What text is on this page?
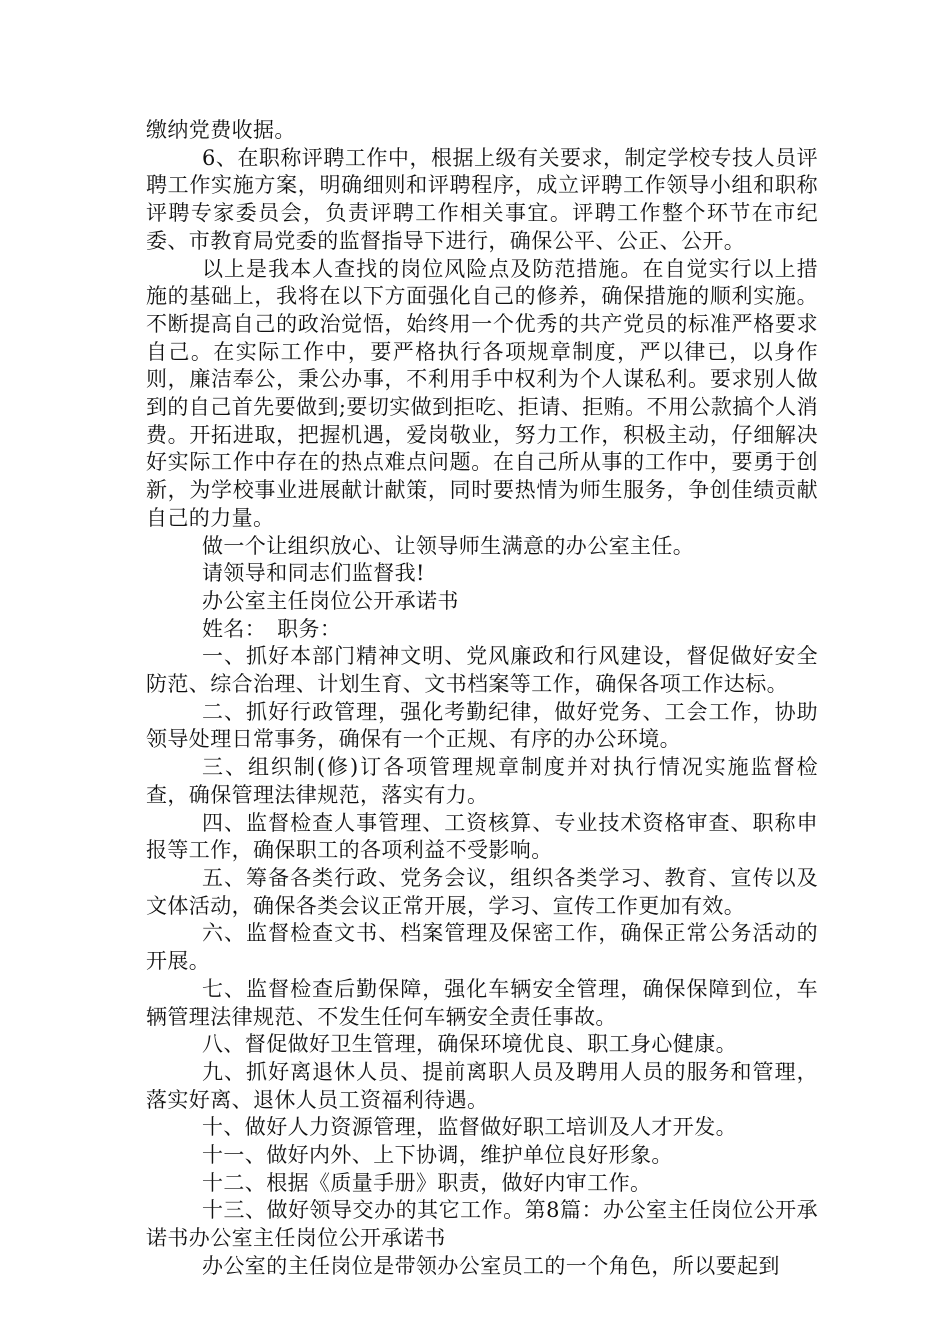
缴纳党费收据。

6、在职称评聘工作中，根据上级有关要求，制定学校专技人员评聘工作实施方案，明确细则和评聘程序，成立评聘工作领导小组和职称评聘专家委员会，负责评聘工作相关事宜。评聘工作整个环节在市纪委、市教育局党委的监督指导下进行，确保公平、公正、公开。

以上是我本人查找的岗位风险点及防范措施。在自觉实行以上措施的基础上，我将在以下方面强化自己的修养，确保措施的顺利实施。不断提高自己的政治觉悟，始终用一个优秀的共产党员的标准严格要求自己。在实际工作中，要严格执行各项规章制度，严以律已，以身作则，廉洁奉公，秉公办事，不利用手中权利为个人谋私利。要求别人做到的自己首先要做到;要切实做到拒吃、拒请、拒贿。不用公款搞个人消费。开拓进取，把握机遇，爱岗敬业，努力工作，积极主动，仔细解决好实际工作中存在的热点难点问题。在自己所从事的工作中，要勇于创新，为学校事业进展献计献策，同时要热情为师生服务，争创佳绩贡献自己的力量。

做一个让组织放心、让领导师生满意的办公室主任。

请领导和同志们监督我!

办公室主任岗位公开承诺书

姓名：　职务：

一、抓好本部门精神文明、党风廉政和行风建设，督促做好安全防范、综合治理、计划生育、文书档案等工作，确保各项工作达标。

二、抓好行政管理，强化考勤纪律，做好党务、工会工作，协助领导处理日常事务，确保有一个正规、有序的办公环境。

三、组织制(修)订各项管理规章制度并对执行情况实施监督检查，确保管理法律规范，落实有力。

四、监督检查人事管理、工资核算、专业技术资格审查、职称申报等工作，确保职工的各项利益不受影响。

五、筹备各类行政、党务会议，组织各类学习、教育、宣传以及文体活动，确保各类会议正常开展，学习、宣传工作更加有效。

六、监督检查文书、档案管理及保密工作，确保正常公务活动的开展。

七、监督检查后勤保障，强化车辆安全管理，确保保障到位，车辆管理法律规范、不发生任何车辆安全责任事故。

八、督促做好卫生管理，确保环境优良、职工身心健康。

九、抓好离退休人员、提前离职人员及聘用人员的服务和管理，落实好离、退休人员工资福利待遇。

十、做好人力资源管理，监督做好职工培训及人才开发。

十一、做好内外、上下协调，维护单位良好形象。

十二、根据《质量手册》职责，做好内审工作。

十三、做好领导交办的其它工作。第8篇：办公室主任岗位公开承诺书办公室主任岗位公开承诺书

办公室的主任岗位是带领办公室员工的一个角色，所以要起到
